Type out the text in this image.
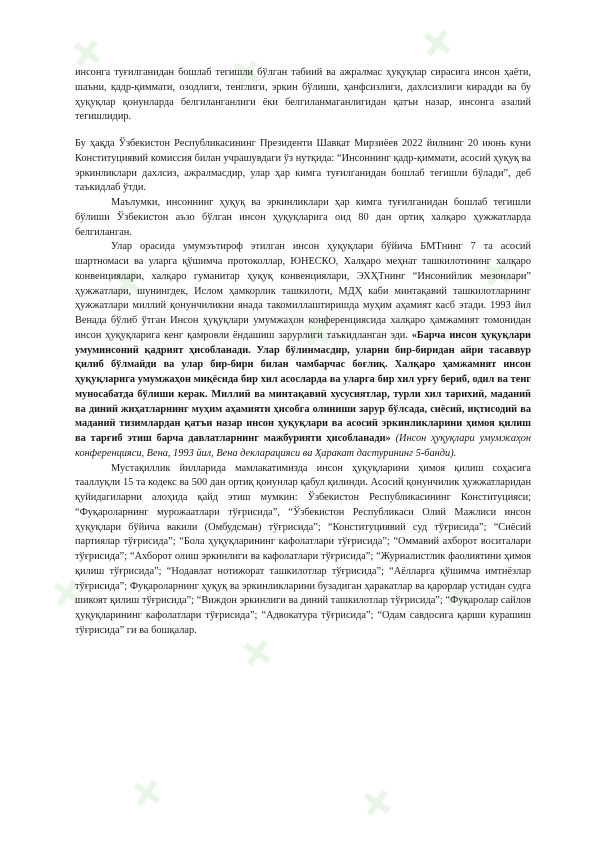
+ + +
+
+
+
+
+
+
+	+

инсонга туғилганидан бошлаб тегишли бўлган табиий ва ажралмас ҳуқуқлар сирасига инсон ҳаёти, шаъни, қадр-қиммати, озодлиги, тенглиги, эркин бўлиши, ҳанфсизлиги, дахлсизлиги кирадди ва бу ҳуқуқлар қонунларда белгиланганлиги ёки белгиланмаганлигидан қатъи назар, инсонга азалий тегишлидир.

Бу ҳақда Ўзбекистон Республикасининг Президенти Шавкат Мирзиёев 2022 йилнинг 20 июнь куни Конституциявий комиссия билан учрашувдаги ўз нутқида: “Инсоннинг қадр-қиммати, асосий ҳуқуқ ва эркинликлари дахлсиз, ажралмасдир, улар ҳар кимга туғилганидан бошлаб тегишли бўлади”, деб таъкидлаб ўтди.

Маълумки, инсоннинг ҳуқуқ ва эркинликлари ҳар кимга туғилганидан бошлаб тегишли бўлиши Ўзбекистон аъзо бўлган инсон ҳуқуқларига оид 80 дан ортиқ халқаро ҳужжатларда белгиланган.

Улар орасида умумэътироф этилган инсон ҳуқуқлари бўйича БМТнинг 7 та асосий шартномаси ва уларга қўшимча протоколлар, ЮНЕСКО, Халқаро меҳнат ташкилотининг халқаро конвенциялари, халқаро гуманитар ҳуқуқ конвенциялари, ЭХҲТнинг “Инсонийлик мезонлари” ҳужжатлари, шунингдек, Ислом ҳамкорлик ташкилоти, МДҲ каби минтақавий ташкилотларнинг ҳужжатлари миллий қонунчиликни янада такомиллаштиришда муҳим аҳамият касб этади. 1993 йил Венада бўлиб ўтган Инсон ҳуқуқлари умумжаҳон конференциясида халқаро ҳамжамият томонидан инсон ҳуқуқларига кенг қамровли ёндашиш зарурлиги таъкидланган эди. «Барча инсон ҳуқуқлари умуминсоний қадрият ҳисобланади. Улар бўлинмасдир, уларни бир-биридан айри тасаввур қилиб бўлмайди ва улар бир-бири билан чамбарчас боғлиқ. Халқаро ҳамжамият инсон ҳуқуқларига умумжаҳон миқёсида бир хил асосларда ва уларга бир хил урғу бериб, одил ва тенг муносабатда бўлиши керак. Миллий ва минтақавий хусусиятлар, турли хил тарихий, маданий ва диний жиҳатларнинг муҳим аҳамияти ҳисобга олиниши зарур бўлсада, сиёсий, иқтисодий ва маданий тизимлардан қатъи назар инсон ҳуқуқлари ва асосий эркинликларини ҳимоя қилиш ва тарғиб этиш барча давлатларнинг мажбурияти ҳисобланади» (Инсон ҳуқуқлари умумжаҳон конференцияси, Вена, 1993 йил, Вена декларацияси ва Ҳаракат дастурининг 5-банди).

Мустақиллик йилларида мамлакатимизда инсон ҳуқуқларини ҳимоя қилиш соҳасига тааллуқли 15 та кодекс ва 500 дан ортиқ қонунлар қабул қилинди. Асосий қонунчилик ҳужжатларидан қуйидагиларни алоҳида қайд этиш мумкин: Ўзбекистон Республикасининг Конституцияси; “Фуқароларнинг мурожаатлари тўғрисида”, “Ўзбекистон Республикаси Олий Мажлиси инсон ҳуқуқлари бўйича вакили (Омбудсман) тўғрисида”; “Конституциявий суд тўғрисида”; “Сиёсий партиялар тўғрисида”; “Бола ҳуқуқларининг кафолатлари тўғрисида”; “Оммавий ахборот воситалари тўғрисида”; “Ахборот олиш эркинлиги ва кафолатлари тўғрисида”; “Журналистлик фаолиятини ҳимоя қилиш тўғрисида”; “Нодавлат нотижорат ташкилотлар тўғрисида”; “Аёлларга қўшимча имтиёзлар тўғрисида”; Фуқароларнинг ҳуқуқ ва эркинликларини бузадиган ҳаракатлар ва қарорлар устидан судга шикоят қилиш тўғрисида”; “Виждон эркинлиги ва диний ташкилотлар тўғрисида”; “Фуқаролар сайлов ҳуқуқларининг кафолатлари тўғрисида”; “Адвокатура тўғрисида”; “Одам савдосига қарши курашиш тўғрисида” ги ва бошқалар.
